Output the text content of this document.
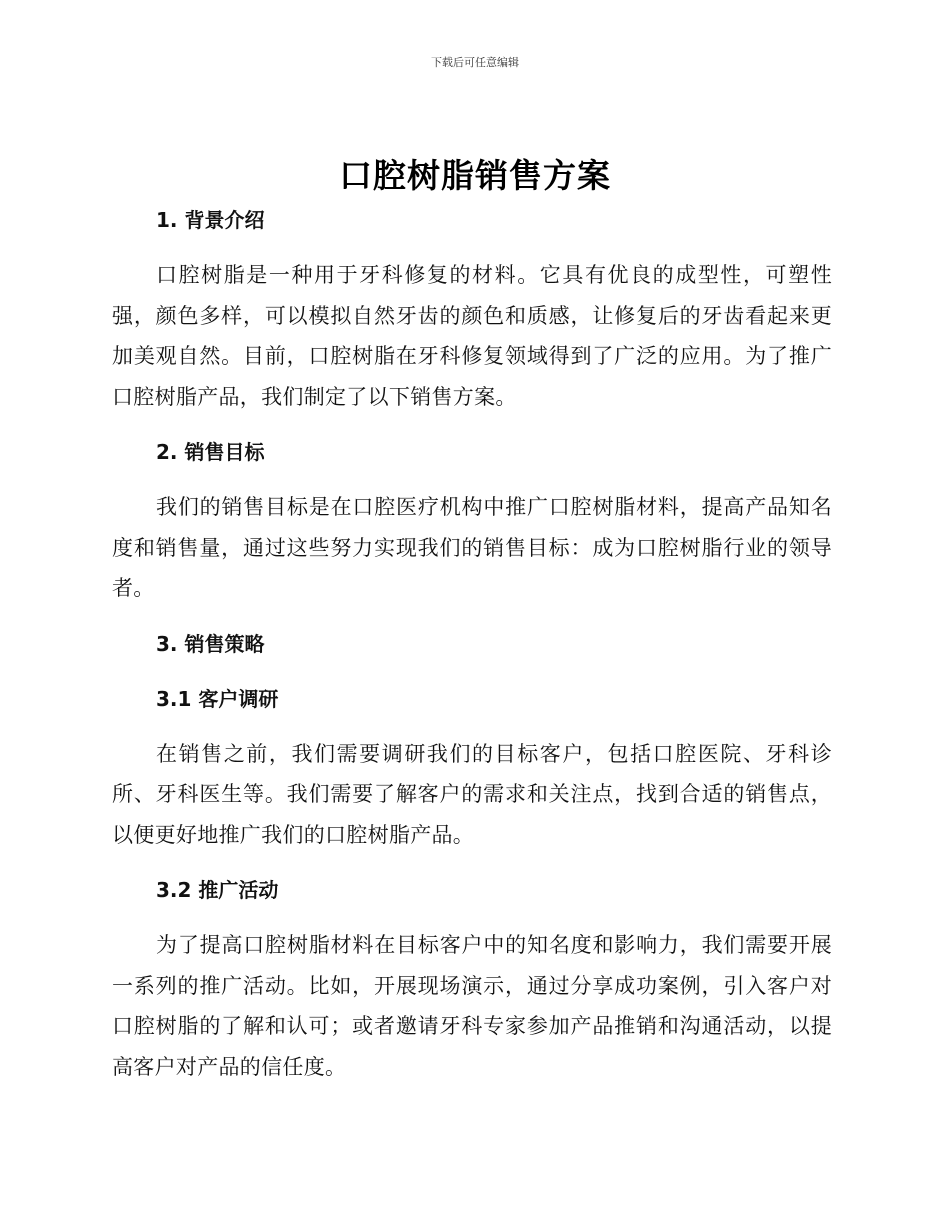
下载后可任意编辑
口腔树脂销售方案
1. 背景介绍

口腔树脂是一种用于牙科修复的材料。它具有优良的成型性，可塑性强，颜色多样，可以模拟自然牙齿的颜色和质感，让修复后的牙齿看起来更加美观自然。目前，口腔树脂在牙科修复领域得到了广泛的应用。为了推广口腔树脂产品，我们制定了以下销售方案。

2. 销售目标

我们的销售目标是在口腔医疗机构中推广口腔树脂材料，提高产品知名度和销售量，通过这些努力实现我们的销售目标：成为口腔树脂行业的领导者。

3. 销售策略
3.1 客户调研

在销售之前，我们需要调研我们的目标客户，包括口腔医院、牙科诊所、牙科医生等。我们需要了解客户的需求和关注点，找到合适的销售点，以便更好地推广我们的口腔树脂产品。

3.2 推广活动

为了提高口腔树脂材料在目标客户中的知名度和影响力，我们需要开展一系列的推广活动。比如，开展现场演示，通过分享成功案例，引入客户对口腔树脂的了解和认可；或者邀请牙科专家参加产品推销和沟通活动，以提高客户对产品的信任度。
